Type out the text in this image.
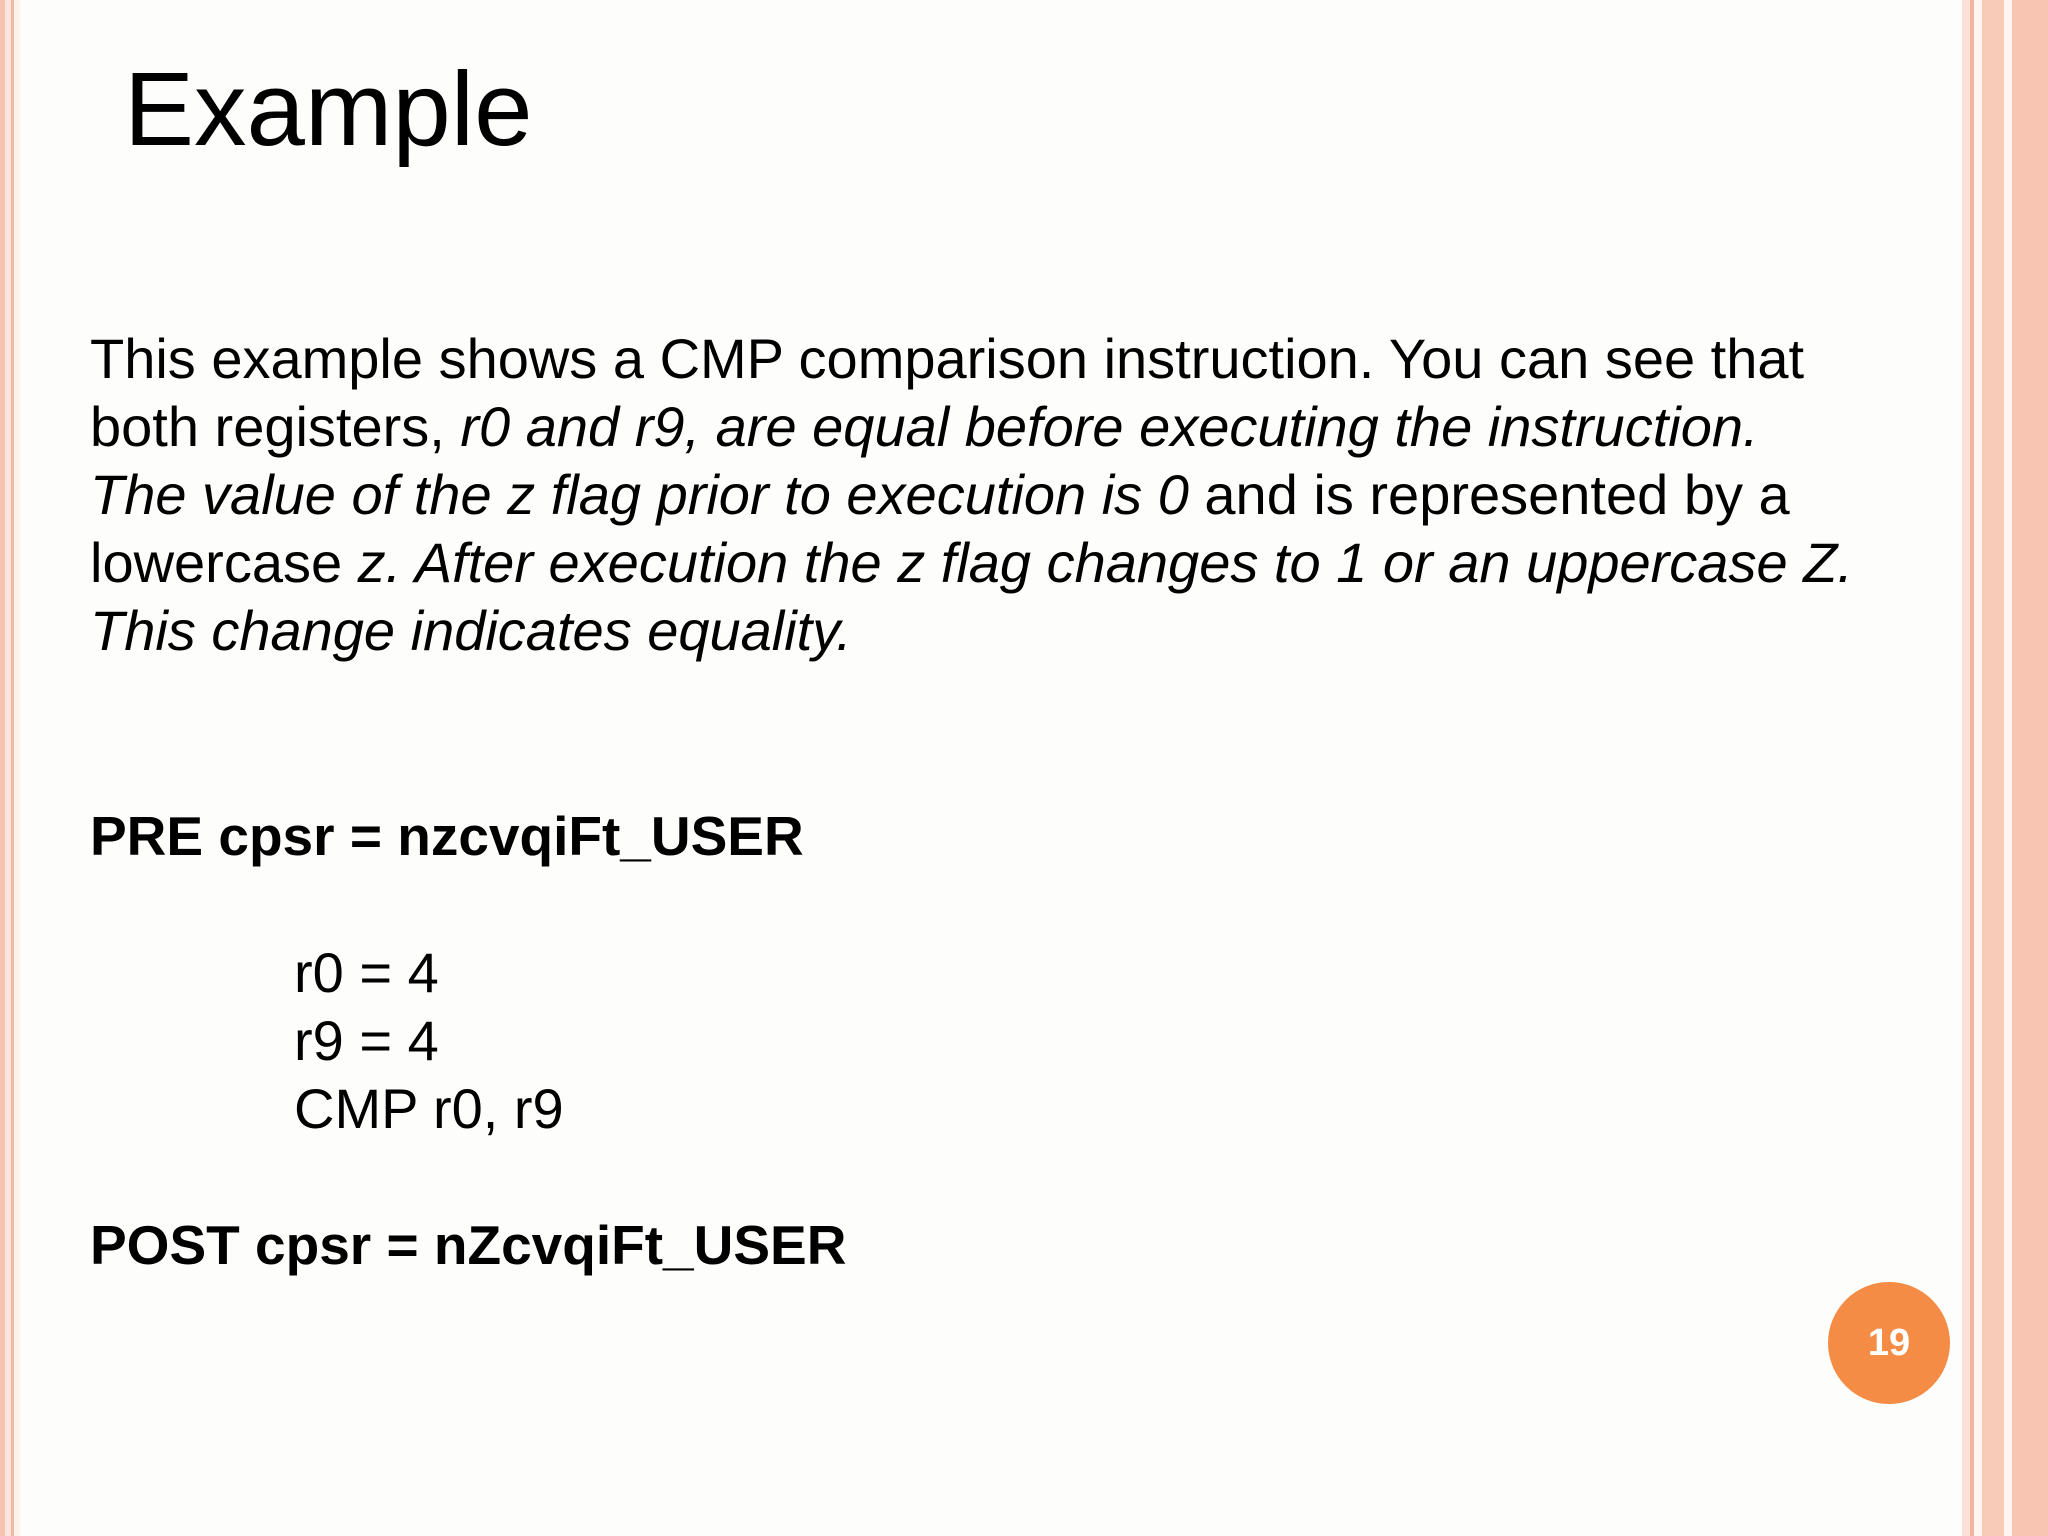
Example
This example shows a CMP comparison instruction. You can see that
both registers, r0 and r9, are equal before executing the instruction.
The value of the z flag prior to execution is 0 and is represented by a
lowercase z. After execution the z flag changes to 1 or an uppercase Z.
This change indicates equality.

PRE cpsr = nzcvqiFt_USER

r0 = 4
r9 = 4
CMP r0, r9

POST cpsr = nZcvqiFt_USER

19
